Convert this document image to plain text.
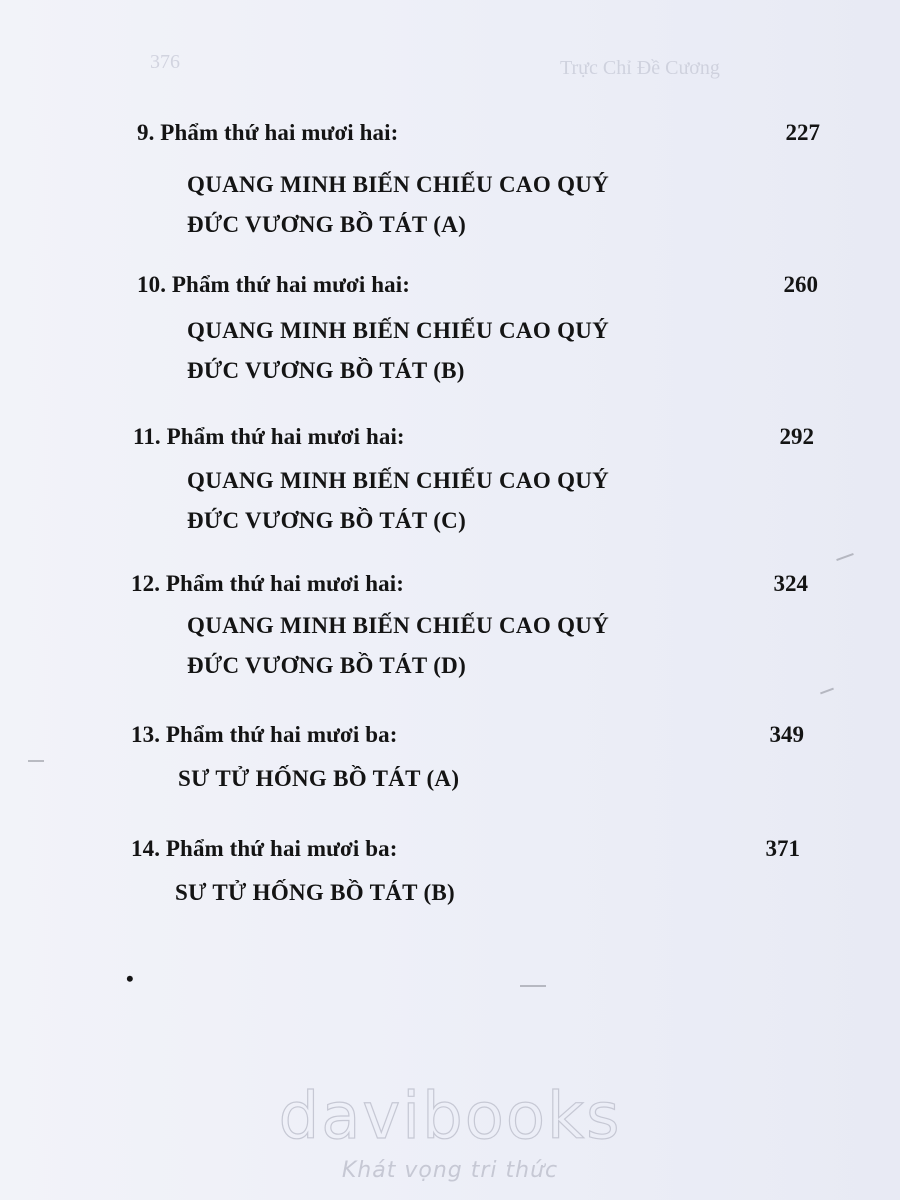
376	Trực Chỉ Đề Cương
9. Phẩm thứ hai mươi hai:	227
QUANG MINH BIẾN CHIẾU CAO QUÝ
ĐỨC VƯƠNG BỒ TÁT (A)
10. Phẩm thứ hai mươi hai:	260
QUANG MINH BIẾN CHIẾU CAO QUÝ
ĐỨC VƯƠNG BỒ TÁT (B)
11. Phẩm thứ hai mươi hai:	292
QUANG MINH BIẾN CHIẾU CAO QUÝ
ĐỨC VƯƠNG BỒ TÁT (C)
12. Phẩm thứ hai mươi hai:	324
QUANG MINH BIẾN CHIẾU CAO QUÝ
ĐỨC VƯƠNG BỒ TÁT (D)
13. Phẩm thứ hai mươi ba:	349
SƯ TỬ HỐNG BỒ TÁT (A)
14. Phẩm thứ hai mươi ba:	371
SƯ TỬ HỐNG BỒ TÁT (B)
•
davibooks
Khát vọng tri thức
